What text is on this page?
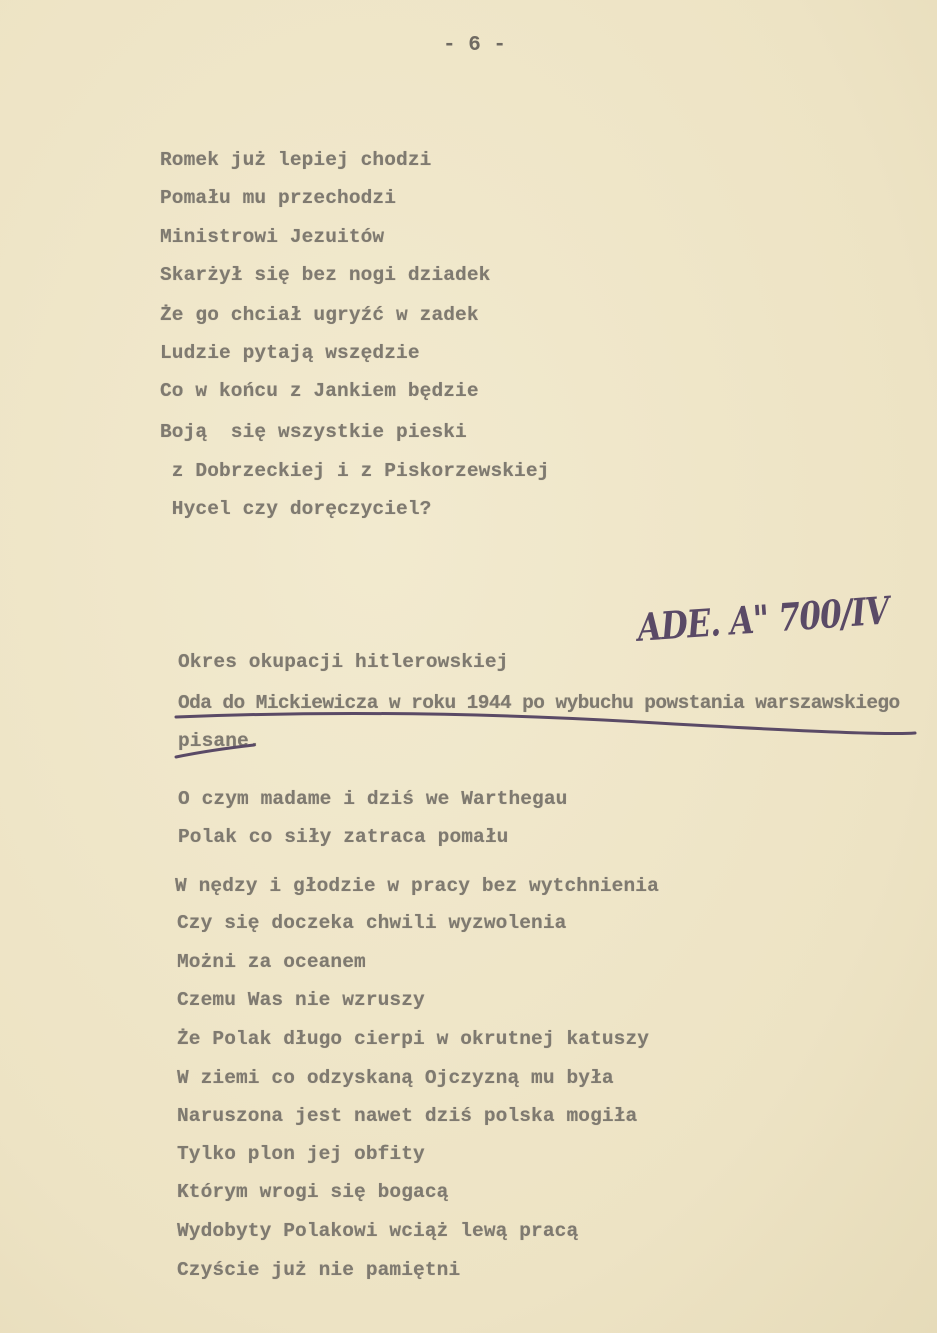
- 6 -
Romek już lepiej chodzi
Pomału mu przechodzi
Ministrowi Jezuitów
Skarżył się bez nogi dziadek
Że go chciał ugryźć w zadek
Ludzie pytają wszędzie
Co w końcu z Jankiem będzie
Boją  się wszystkie pieski
z Dobrzeckiej i z Piskorzewskiej
Hycel czy doręczyciel?
O czym madame i dziś we Warthegau
Polak co siły zatraca pomału
W nędzy i głodzie w pracy bez wytchnienia
Czy się doczeka chwili wyzwolenia
Możni za oceanem
Czemu Was nie wzruszy
Że Polak długo cierpi w okrutnej katuszy
W ziemi co odzyskaną Ojczyzną mu była
Naruszona jest nawet dziś polska mogiła
Tylko plon jej obfity
Którym wrogi się bogacą
Wydobyty Polakowi wciąż lewą pracą
Czyście już nie pamiętni
Okres okupacji hitlerowskiej
Oda do Mickiewicza w roku 1944 po wybuchu powstania warszawskiego
pisane.
ADE. A" 700/IV
